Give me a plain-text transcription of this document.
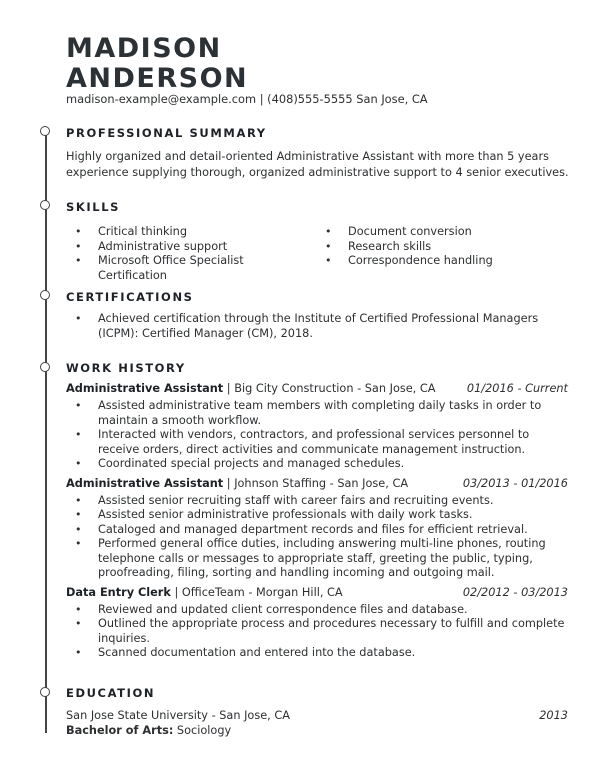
MADISON
ANDERSON
madison-example@example.com | (408)555-5555 San Jose, CA
PROFESSIONAL SUMMARY
Highly organized and detail-oriented Administrative Assistant with more than 5 years experience supplying thorough, organized administrative support to 4 senior executives.
SKILLS
• Critical thinking
• Administrative support
• Microsoft Office Specialist Certification
• Document conversion
• Research skills
• Correspondence handling
CERTIFICATIONS
• Achieved certification through the Institute of Certified Professional Managers (ICPM): Certified Manager (CM), 2018.
WORK HISTORY
Administrative Assistant | Big City Construction - San Jose, CA	01/2016 - Current
• Assisted administrative team members with completing daily tasks in order to maintain a smooth workflow.
• Interacted with vendors, contractors, and professional services personnel to receive orders, direct activities and communicate management instruction.
• Coordinated special projects and managed schedules.
Administrative Assistant | Johnson Staffing - San Jose, CA	03/2013 - 01/2016
• Assisted senior recruiting staff with career fairs and recruiting events.
• Assisted senior administrative professionals with daily work tasks.
• Cataloged and managed department records and files for efficient retrieval.
• Performed general office duties, including answering multi-line phones, routing telephone calls or messages to appropriate staff, greeting the public, typing, proofreading, filing, sorting and handling incoming and outgoing mail.
Data Entry Clerk | OfficeTeam - Morgan Hill, CA	02/2012 - 03/2013
• Reviewed and updated client correspondence files and database.
• Outlined the appropriate process and procedures necessary to fulfill and complete inquiries.
• Scanned documentation and entered into the database.
EDUCATION
San Jose State University - San Jose, CA	2013
Bachelor of Arts: Sociology
